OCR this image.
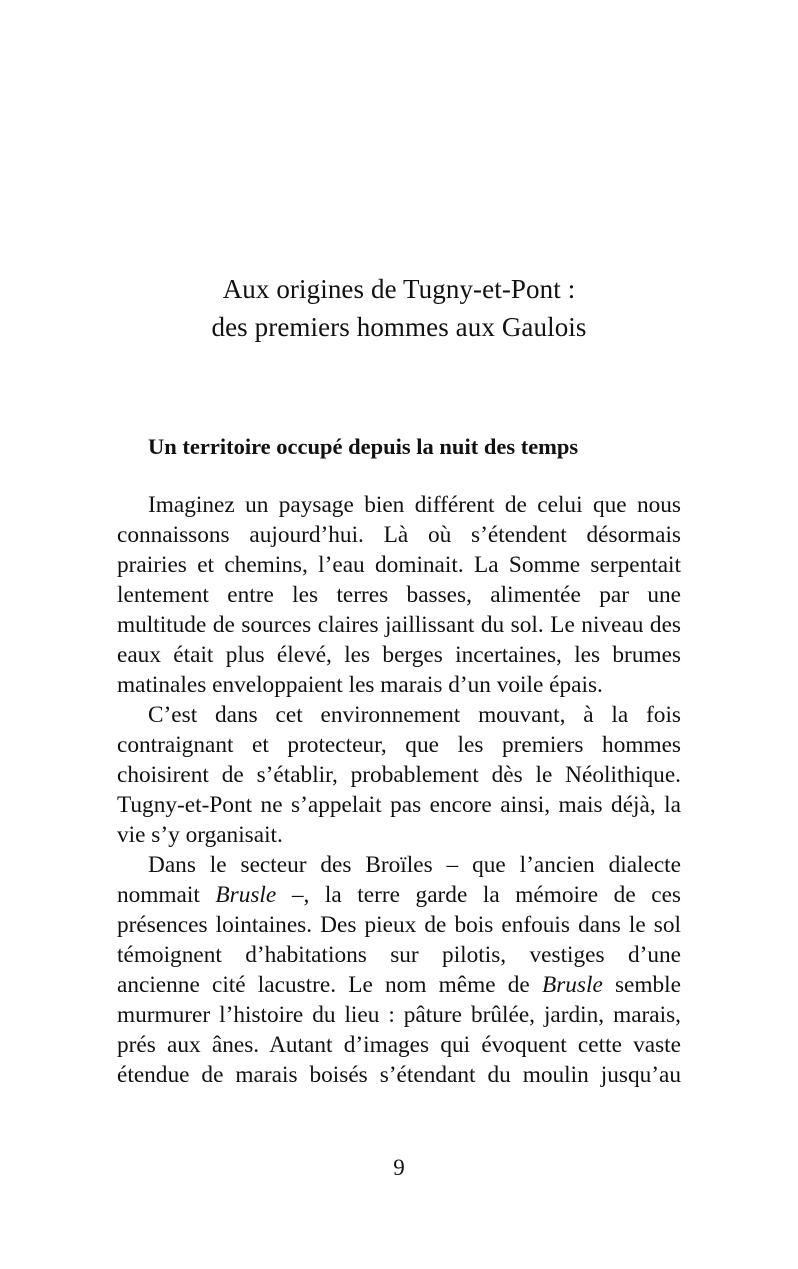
Aux origines de Tugny-et-Pont :
des premiers hommes aux Gaulois
Un territoire occupé depuis la nuit des temps
Imaginez un paysage bien différent de celui que nous
connaissons aujourd’hui. Là où s’étendent désormais
prairies et chemins, l’eau dominait. La Somme serpentait
lentement entre les terres basses, alimentée par une
multitude de sources claires jaillissant du sol. Le niveau des
eaux était plus élevé, les berges incertaines, les brumes
matinales enveloppaient les marais d’un voile épais.
C’est dans cet environnement mouvant, à la fois
contraignant et protecteur, que les premiers hommes
choisirent de s’établir, probablement dès le Néolithique.
Tugny-et-Pont ne s’appelait pas encore ainsi, mais déjà, la
vie s’y organisait.
Dans le secteur des Broïles – que l’ancien dialecte
nommait Brusle –, la terre garde la mémoire de ces
présences lointaines. Des pieux de bois enfouis dans le sol
témoignent d’habitations sur pilotis, vestiges d’une
ancienne cité lacustre. Le nom même de Brusle semble
murmurer l’histoire du lieu : pâture brûlée, jardin, marais,
prés aux ânes. Autant d’images qui évoquent cette vaste
étendue de marais boisés s’étendant du moulin jusqu’au
9
